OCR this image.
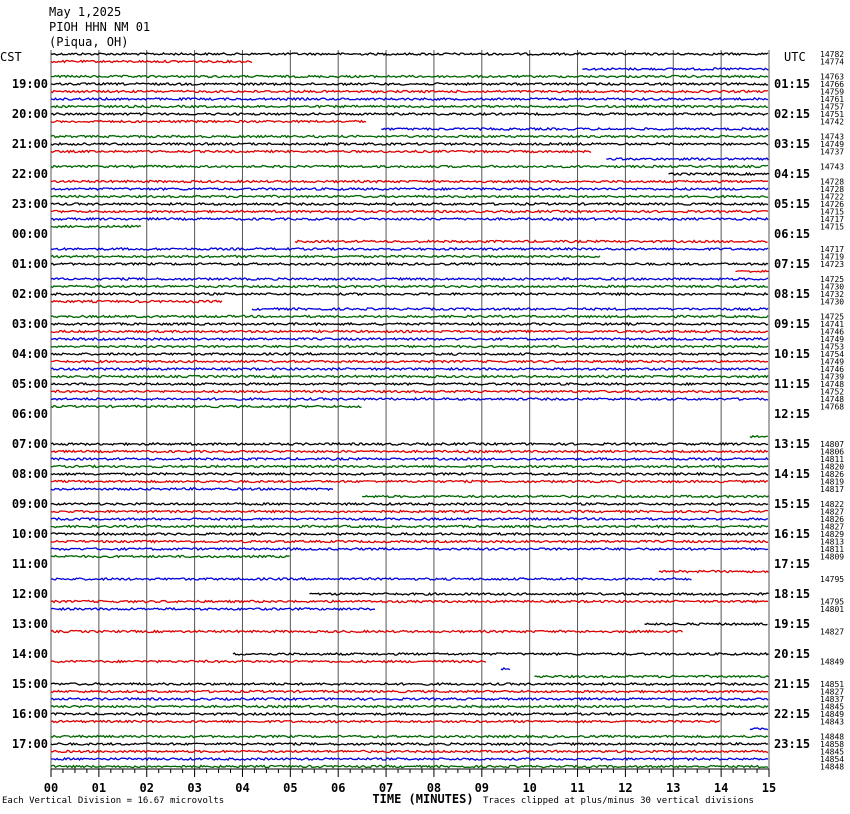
May 1,2025
PIOH HHN NM 01
(Piqua, OH)
CST	UTC
19:00
20:00
21:00
22:00
23:00
00:00
01:00
02:00
03:00
04:00
05:00
06:00
07:00
08:00
09:00
10:00
11:00
12:00
13:00
14:00
15:00
16:00
17:00
01:15
02:15
03:15
04:15
05:15
06:15
07:15
08:15
09:15
10:15
11:15
12:15
13:15
14:15
15:15
16:15
17:15
18:15
19:15
20:15
21:15
22:15
23:15
14782
14774
14763
14766
14759
14761
14757
14751
14742
14743
14749
14737
14743
14728
14728
14722
14726
14715
14717
14715
14717
14719
14723
14725
14730
14732
14730
14725
14741
14746
14749
14753
14754
14749
14746
14739
14748
14752
14748
14768
14807
14806
14811
14820
14826
14819
14817
14822
14827
14826
14827
14829
14813
14811
14809
14795
14795
14801
14827
14849
14851
14827
14837
14845
14849
14843
14848
14858
14845
14854
14848
00	01	02	03	04	05	06	07	08	09	10	11	12	13	14	15
TIME (MINUTES)
Each Vertical Division = 16.67 microvolts	Traces clipped at plus/minus 30 vertical divisions
